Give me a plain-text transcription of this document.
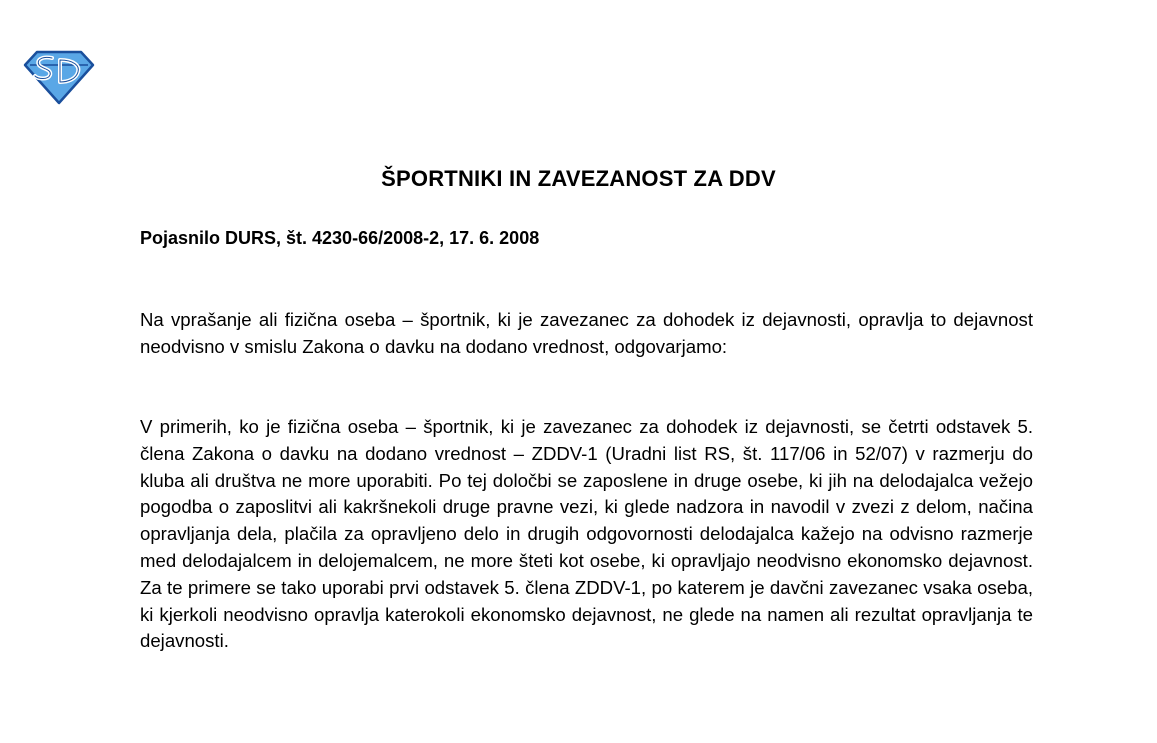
ŠPORTNIKI IN ZAVEZANOST ZA DDV

Pojasnilo DURS, št. 4230-66/2008-2, 17. 6. 2008

Na vprašanje ali fizična oseba – športnik, ki je zavezanec za dohodek iz dejavnosti, opravlja to dejavnost neodvisno v smislu Zakona o davku na dodano vrednost, odgovarjamo:

V primerih, ko je fizična oseba – športnik, ki je zavezanec za dohodek iz dejavnosti, se četrti odstavek 5. člena Zakona o davku na dodano vrednost – ZDDV-1 (Uradni list RS, št. 117/06 in 52/07) v razmerju do kluba ali društva ne more uporabiti. Po tej določbi se zaposlene in druge osebe, ki jih na delodajalca vežejo pogodba o zaposlitvi ali kakršnekoli druge pravne vezi, ki glede nadzora in navodil v zvezi z delom, načina opravljanja dela, plačila za opravljeno delo in drugih odgovornosti delodajalca kažejo na odvisno razmerje med delodajalcem in delojemalcem, ne more šteti kot osebe, ki opravljajo neodvisno ekonomsko dejavnost. Za te primere se tako uporabi prvi odstavek 5. člena ZDDV-1, po katerem je davčni zavezanec vsaka oseba, ki kjerkoli neodvisno opravlja katerokoli ekonomsko dejavnost, ne glede na namen ali rezultat opravljanja te dejavnosti.
